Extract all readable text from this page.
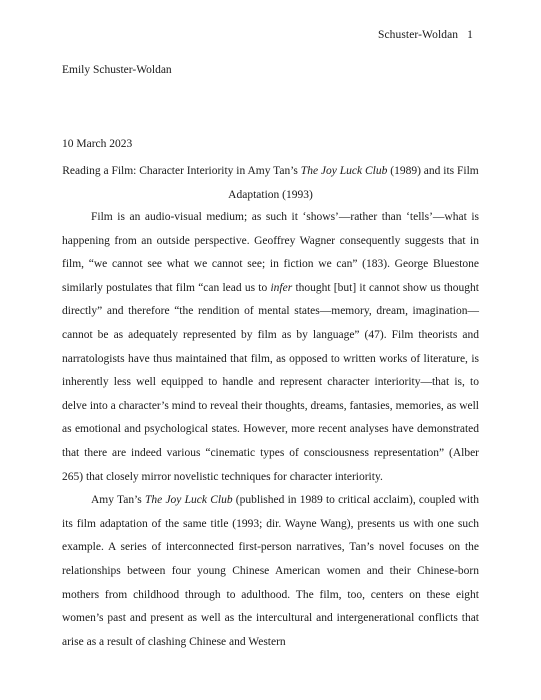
Schuster-Woldan 1
Emily Schuster-Woldan
10 March 2023
Reading a Film: Character Interiority in Amy Tan’s The Joy Luck Club (1989) and its Film Adaptation (1993)

Film is an audio-visual medium; as such it ‘shows’—rather than ‘tells’—what is happening from an outside perspective. Geoffrey Wagner consequently suggests that in film, “we cannot see what we cannot see; in fiction we can” (183). George Bluestone similarly postulates that film “can lead us to infer thought [but] it cannot show us thought directly” and therefore “the rendition of mental states—memory, dream, imagination—cannot be as adequately represented by film as by language” (47). Film theorists and narratologists have thus maintained that film, as opposed to written works of literature, is inherently less well equipped to handle and represent character interiority—that is, to delve into a character’s mind to reveal their thoughts, dreams, fantasies, memories, as well as emotional and psychological states. However, more recent analyses have demonstrated that there are indeed various “cinematic types of consciousness representation” (Alber 265) that closely mirror novelistic techniques for character interiority.

Amy Tan’s The Joy Luck Club (published in 1989 to critical acclaim), coupled with its film adaptation of the same title (1993; dir. Wayne Wang), presents us with one such example. A series of interconnected first-person narratives, Tan’s novel focuses on the relationships between four young Chinese American women and their Chinese-born mothers from childhood through to adulthood. The film, too, centers on these eight women’s past and present as well as the intercultural and intergenerational conflicts that arise as a result of clashing Chinese and Western
